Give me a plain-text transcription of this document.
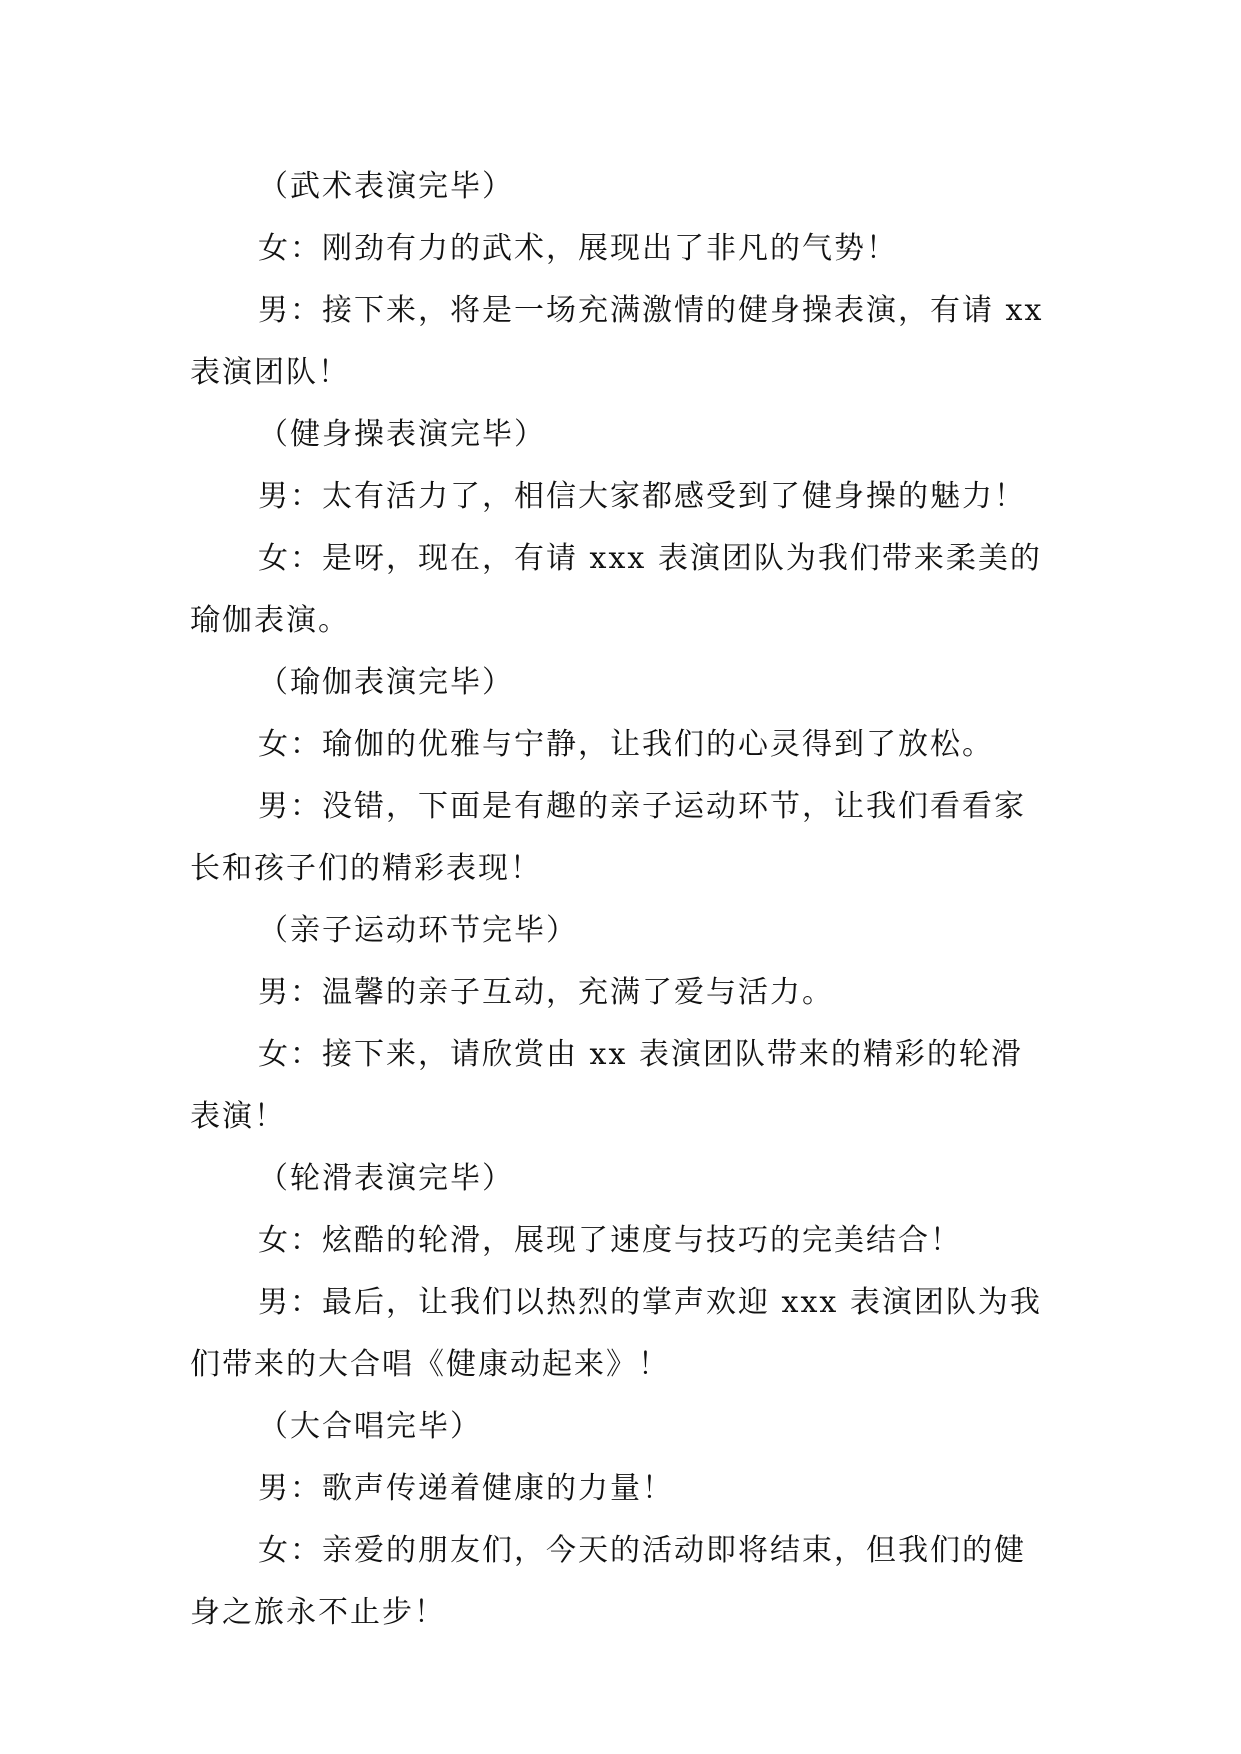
（武术表演完毕）

女：刚劲有力的武术，展现出了非凡的气势！

男：接下来，将是一场充满激情的健身操表演，有请 xx 表演团队！

（健身操表演完毕）

男：太有活力了，相信大家都感受到了健身操的魅力！

女：是呀，现在，有请 xxx 表演团队为我们带来柔美的瑜伽表演。

（瑜伽表演完毕）

女：瑜伽的优雅与宁静，让我们的心灵得到了放松。

男：没错，下面是有趣的亲子运动环节，让我们看看家长和孩子们的精彩表现！

（亲子运动环节完毕）

男：温馨的亲子互动，充满了爱与活力。

女：接下来，请欣赏由 xx 表演团队带来的精彩的轮滑表演！

（轮滑表演完毕）

女：炫酷的轮滑，展现了速度与技巧的完美结合！

男：最后，让我们以热烈的掌声欢迎 xxx 表演团队为我们带来的大合唱《健康动起来》！

（大合唱完毕）

男：歌声传递着健康的力量！

女：亲爱的朋友们，今天的活动即将结束，但我们的健身之旅永不止步！
